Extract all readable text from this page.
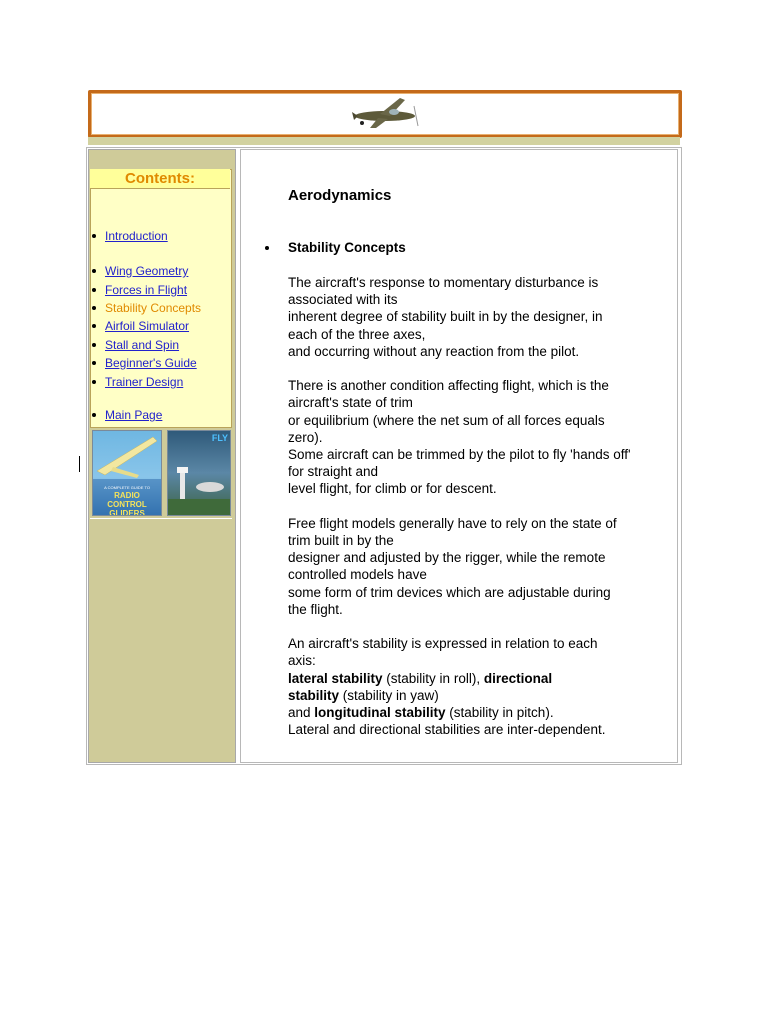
Contents:
Introduction
Wing Geometry
Forces in Flight
Stability Concepts
Airfoil Simulator
Stall and Spin
Beginner's Guide
Trainer Design
Main Page
A COMPLETE GUIDE TO
RADIO CONTROL GLIDERS
FLY
Aerodynamics
Stability Concepts

The aircraft's response to momentary disturbance is
associated with its
inherent degree of stability built in by the designer, in
each of the three axes,
and occurring without any reaction from the pilot.

There is another condition affecting flight, which is the
aircraft's state of trim
or equilibrium (where the net sum of all forces equals
zero).
Some aircraft can be trimmed by the pilot to fly 'hands off'
for straight and
level flight, for climb or for descent.

Free flight models generally have to rely on the state of
trim built in by the
designer and adjusted by the rigger, while the remote
controlled models have
some form of trim devices which are adjustable during
the flight.

An aircraft's stability is expressed in relation to each
axis:
lateral stability (stability in roll), directional
stability (stability in yaw)
and longitudinal stability (stability in pitch).
Lateral and directional stabilities are inter-dependent.
